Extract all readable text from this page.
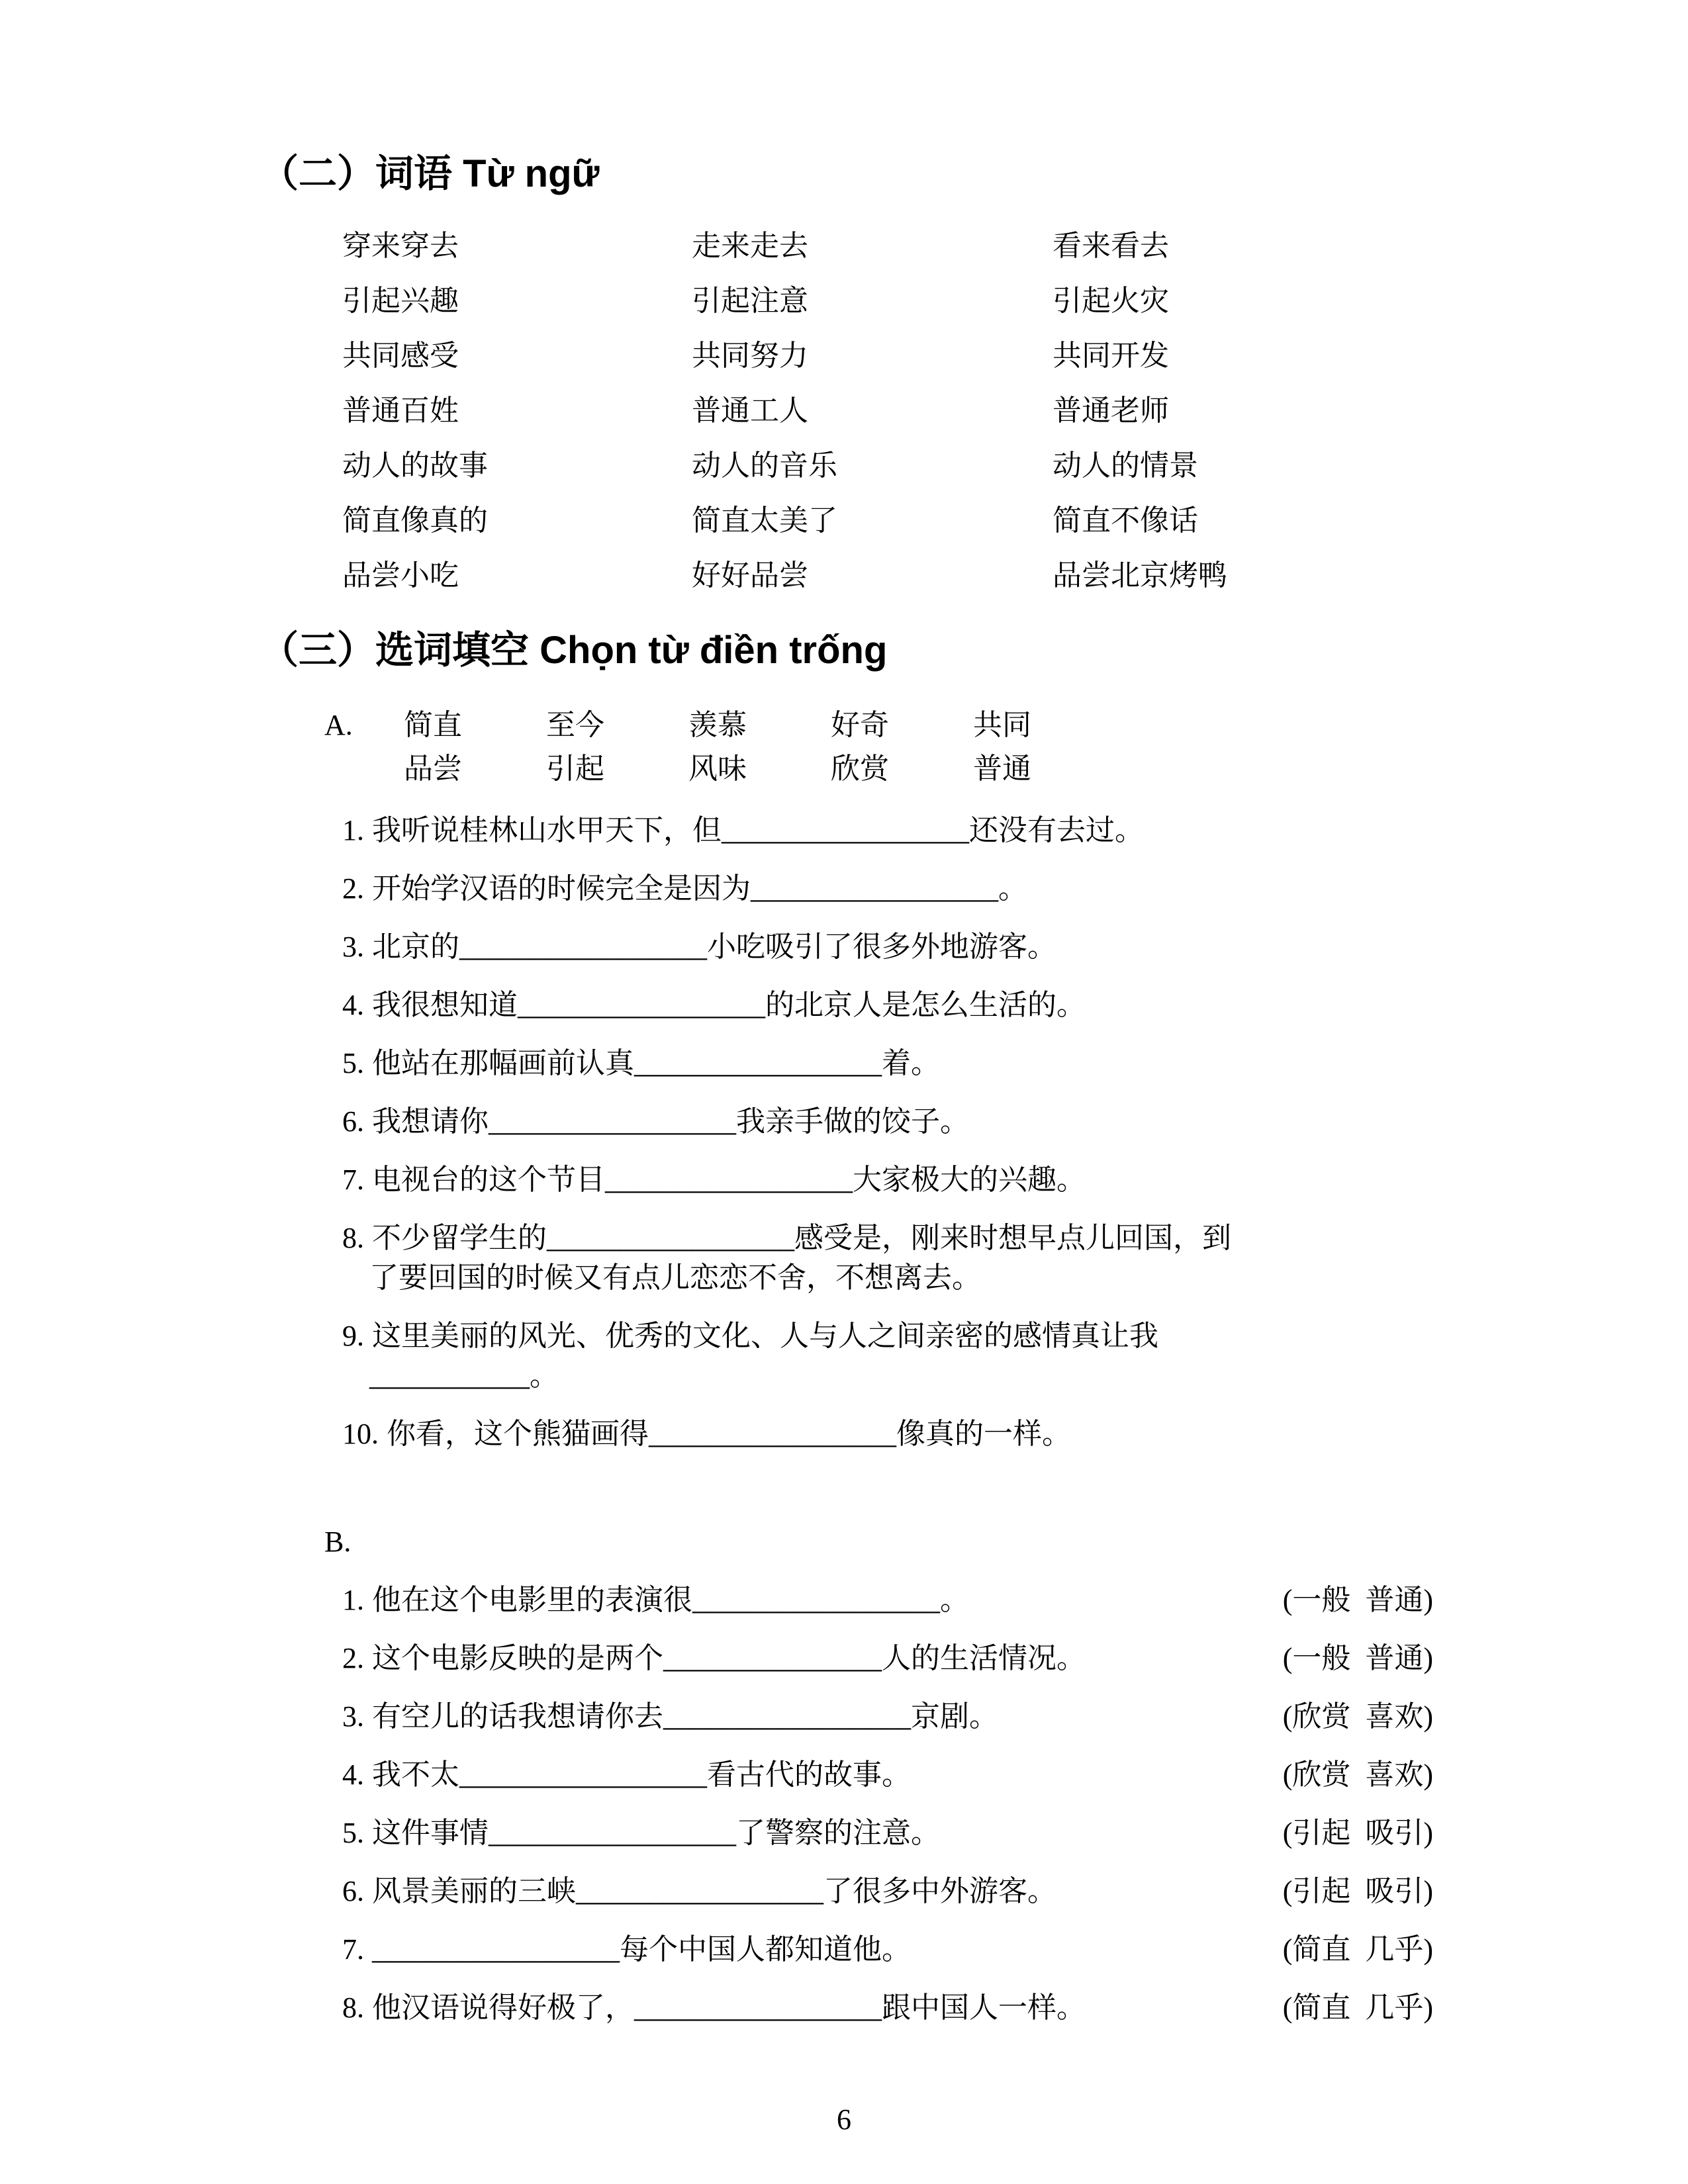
（二）词语 Từ ngữ
穿来穿去	走来走去	看来看去
引起兴趣	引起注意	引起火灾
共同感受	共同努力	共同开发
普通百姓	普通工人	普通老师
动人的故事	动人的音乐	动人的情景
简直像真的	简直太美了	简直不像话
品尝小吃	好好品尝	品尝北京烤鸭
（三）选词填空 Chọn từ điền trống
A.	简直	至今	羡慕	好奇	共同
品尝	引起	风味	欣赏	普通
1. 我听说桂林山水甲天下，但_________________还没有去过。
2. 开始学汉语的时候完全是因为_________________。
3. 北京的_________________小吃吸引了很多外地游客。
4. 我很想知道_________________的北京人是怎么生活的。
5. 他站在那幅画前认真_________________着。
6. 我想请你_________________我亲手做的饺子。
7. 电视台的这个节目_________________大家极大的兴趣。
8. 不少留学生的_________________感受是，刚来时想早点儿回国，到
了要回国的时候又有点儿恋恋不舍，不想离去。
9. 这里美丽的风光、优秀的文化、人与人之间亲密的感情真让我
___________。
10. 你看，这个熊猫画得_________________像真的一样。
B.
1. 他在这个电影里的表演很_________________。	(一般  普通)
2. 这个电影反映的是两个_______________人的生活情况。	(一般  普通)
3. 有空儿的话我想请你去_________________京剧。	(欣赏  喜欢)
4. 我不太_________________看古代的故事。	(欣赏  喜欢)
5. 这件事情_________________了警察的注意。	(引起  吸引)
6. 风景美丽的三峡_________________了很多中外游客。	(引起  吸引)
7. _________________每个中国人都知道他。	(简直  几乎)
8. 他汉语说得好极了，_________________跟中国人一样。	(简直  几乎)
6
